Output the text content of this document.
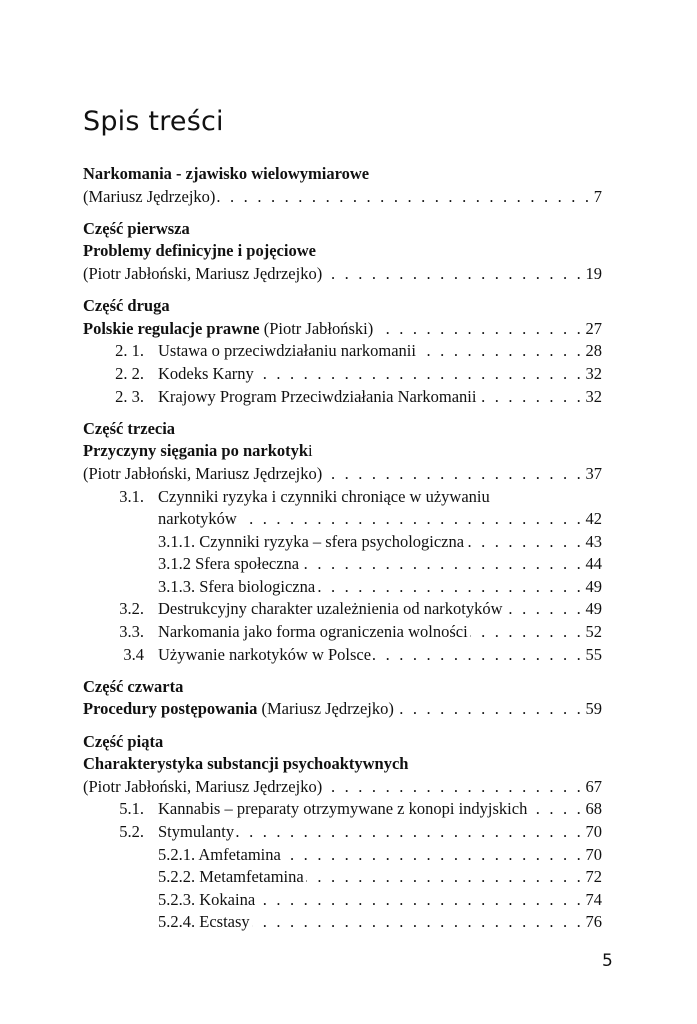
Spis treści
Narkomania - zjawisko wielowymiarowe
(Mariusz Jędrzejko) . . .	7
Część pierwsza
Problemy definicyjne i pojęciowe
(Piotr Jabłoński, Mariusz Jędrzejko) . . .	19
Część druga
Polskie regulacje prawne (Piotr Jabłoński) . . .	27
2. 1. Ustawa o przeciwdziałaniu narkomanii . . .	28
2. 2. Kodeks Karny . . .	32
2. 3. Krajowy Program Przeciwdziałania Narkomanii . . .	32
Część trzecia
Przyczyny sięgania po narkotyki
(Piotr Jabłoński, Mariusz Jędrzejko) . . .	37
3.1. Czynniki ryzyka i czynniki chroniące w używaniu
narkotyków . . .	42
3.1.1. Czynniki ryzyka – sfera psychologiczna . . .	43
3.1.2 Sfera społeczna . . .	44
3.1.3. Sfera biologiczna . . .	49
3.2. Destrukcyjny charakter uzależnienia od narkotyków . . .	49
3.3. Narkomania jako forma ograniczenia wolności . . .	52
3.4 Używanie narkotyków w Polsce . . .	55
Część czwarta
Procedury postępowania (Mariusz Jędrzejko) . . .	59
Część piąta
Charakterystyka substancji psychoaktywnych
(Piotr Jabłoński, Mariusz Jędrzejko) . . .	67
5.1. Kannabis – preparaty otrzymywane z konopi indyjskich . . .	68
5.2. Stymulanty . . .	70
5.2.1. Amfetamina . . .	70
5.2.2. Metamfetamina . . .	72
5.2.3. Kokaina . . .	74
5.2.4. Ecstasy . . .	76
5
